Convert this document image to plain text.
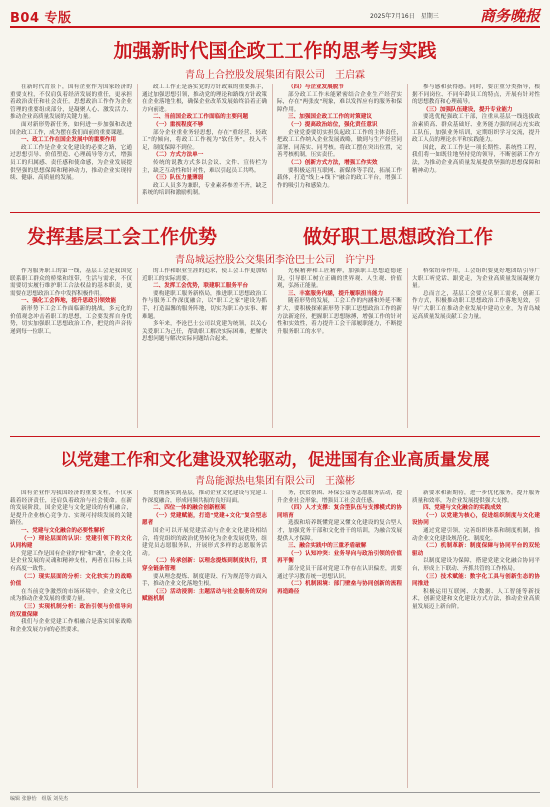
B04 专版	2025年7月16日　星期三	商务晚报
加强新时代国企政工工作的思考与实践
青岛上合控股发展集团有限公司　王启霖

在新时代背景下，国有企业作为国家经济的重要支柱，不仅肩负着经济发展的重任，更承担着政治责任和社会责任。思想政治工作作为企业管理的重要组成部分，是凝聚人心、激发活力、推动企业高质量发展的关键力量。

面对新形势新任务，如何进一步加强和改进国企政工工作，成为摆在我们面前的重要课题。

一、政工工作在国企发展中的重要作用

政工工作是企业文化建设的必要之路，它通过思想引导、价值塑造、心理疏导等方式，增强员工的归属感、责任感和使命感，为企业发展提供坚强的思想保障和精神动力，推动企业实现持续、健康、高质量的发展。

政工工作正是落实党的方针政策的重要抓手，通过加强思想引领，推动党的理论和路线方针政策在企业落地生根，确保企业改革发展始终沿着正确方向前进。

二、当前国企政工工作面临的主要问题
（一）重视程度不够

部分企业重业务轻思想，存在"重经营、轻政工"的倾向，将政工工作视为"软任务"，投入不足，制度保障不到位。

（二）方式方法单一

传统的说教方式多以会议、文件、宣传栏为主，缺乏互动性和针对性，难以引起员工共鸣。

（三）队伍力量薄弱

政工人员多为兼职，专业素养参差不齐，缺乏系统的培训和激励机制。

（四）与企业发展脱节

部分政工工作未能紧密结合企业生产经营实际，存在"两张皮"现象，难以发挥应有的服务和保障作用。

三、加强国企政工工作的对策建议
（一）提高政治站位，强化责任意识

企业党委要切实担负起政工工作的主体责任，把政工工作纳入企业发展战略，做到与生产经营同部署、同落实、同考核。将政工摆在突出位置，完善考核机制，压实责任。

（二）创新方式方法，增强工作实效

要积极运用互联网、新媒体等手段，拓展工作载体，打造"线上+线下"融合的政工平台，增强工作的吸引力和感染力。

参与感和获得感。同时，要注重分类指导，根据不同岗位、不同年龄员工的特点，开展有针对性的思想教育和心理疏导。

（三）加强队伍建设，提升专业能力

要选优配强政工干部，注重从基层一线选拔政治素质高、群众基础好、业务能力强的同志充实政工队伍，加强业务培训，定期组织学习交流，提升政工人员的理论水平和实践能力。

因此，政工工作是一项长期性、系统性工程，我们将一如既往地坚持党的领导，不断创新工作方法，为推动企业高质量发展提供坚强的思想保障和精神动力。

发挥基层工会工作优势	做好职工思想政治工作
青岛城运控股公交集团李沧巴士公司　许宁丹

作为服务职工的第一线，基层工会是我国党联系职工群众的桥梁和纽带，生活与需求，不仅需要切实履行维护职工合法权益的基本职责，更需要在思想政治工作中发挥积极作用。

一、强化工会阵地，提升思政引领效能

新形势下工会工作面临新的挑战，多元化的价值观念冲击着职工的思想，工会要发挥自身优势，切实加强职工思想政治工作，把党的声音传递到每一位职工。

的工作和职业生涯的追求，使工会工作更加贴近职工的实际需要。

二、发挥工会优势，联建职工服务平台

要构建职工服务新格局，推进职工思想政治工作与服务工作深度融合，以"职工之家"建设为抓手，打造温馨的服务阵地，切实为职工办实事、解难题。

多年来，李沧巴士公司以党建为统领，以关心关爱职工为己任，帮助职工解决实际困难，把解决思想问题与解决实际问题结合起来。

先模精神和工匠精神，加强职工思想道德建设，引导职工树立正确的世界观、人生观、价值观，弘扬正能量。

三、丰富服务内涵，提升履职担当能力

随着形势的发展，工会工作的内涵和外延不断扩大，要积极探索新形势下职工思想政治工作的新方法新途径，把握职工思想脉搏，增强工作的针对性和实效性，着力提升工会干部履职能力，不断提升服务职工的水平。

桥梁纽带作用，工会组织要更好地团结引导广大职工听党话、跟党走，为企业高质量发展凝聚力量。

总而言之，基层工会要立足职工需求，创新工作方式，积极推动职工思想政治工作落地见效，引导广大职工在推动企业发展中建功立业，为青岛城运高质量发展贡献工会力量。

以党建工作和文化建设双轮驱动，促进国有企业高质量发展
青岛能源热电集团有限公司　王藻彬

国有企业作为我国经济的重要支柱，不仅承载着经济责任，还肩负着政治与社会使命。在新的发展阶段，国企党建与文化建设的有机融合，是提升企业核心竞争力、实现可持续发展的关键路径。

一、党建与文化融合的必要性解析
（一）理论层面的认识：党建引领下的文化认同构建

党建工作是国有企业的"根"和"魂"，企业文化是企业发展的灵魂和精神支柱，两者在目标上具有高度一致性。

（二）现实层面的分析：文化软实力的战略价值

在当前竞争激烈的市场环境中，企业文化已成为推动企业发展的重要力量。

（三）实现机制分析：政治引领与价值导向的双重保障

我们与企业党建工作相融合是落实国家战略和企业发展方向的必然要求。

贯彻落实到基层，推动企业文化建设与党建工作深度融合，形成同频共振的良好局面。

二、四位一体的融合创新框架
（一）党建赋能，打造"党建+文化"复合型志愿者

国企可以开展党建活动与企业文化建设相结合，将党组织的政治优势转化为企业发展优势，组建党员志愿服务队，开展形式多样的志愿服务活动。

（二）传承创新：以理念提炼到制度执行，贯穿全链条管理

要从理念提炼、制度建设、行为规范等方面入手，推动企业文化落地生根。

（三）活动浸润：主题活动与社会服务的双向赋能机制

务，扶贫帮困、环保公益等志愿服务活动，提升企业社会形象，增强员工社会责任感。

（四）人才支撑：复合型队伍与支撑模式的协同培育

选拔和培养既懂党建又懂文化建设的复合型人才，加强党务干部和文化骨干的培训，为融合发展提供人才保障。

三、融合实践中的三重矛盾破解
（一）认知冲突：业务导向与政治引领的价值再平衡

部分党员干部对党建工作存在认识偏差，需要通过学习教育统一思想认识。

（二）机制困境：部门壁垒与协同创新的流程再造路径

新要求和新期待，进一步优化服务，提升服务质量和效率，为企业发展提供强大支撑。

四、党建与文化融合的实践成效
（一）以党建为核心，促进组织制度与文化建设协同

通过党建引领，完善组织体系和制度机制，推动企业文化建设规范化、制度化。

（二）机制革新：制度保障与协同平台的双轮驱动

以制度建设为保障，搭建党建文化融合协同平台，形成上下联动、齐抓共管的工作格局。

（三）技术赋能：数字化工具与创新生态的协同推进

积极运用互联网、大数据、人工智能等新技术，创新党建和文化建设方式方法，推动企业高质量发展迈上新台阶。

编辑 张静怡　组版 刘昊杰
